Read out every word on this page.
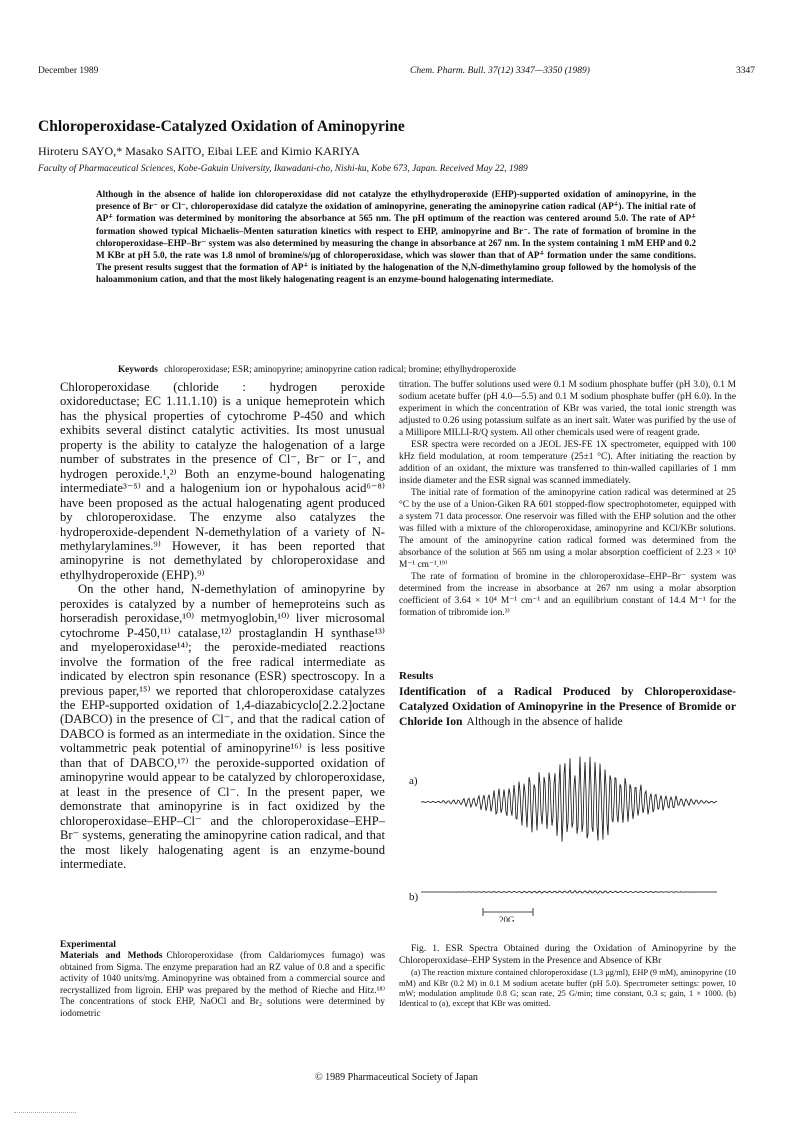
December 1989	Chem. Pharm. Bull. 37(12) 3347—3350 (1989)	3347
Chloroperoxidase-Catalyzed Oxidation of Aminopyrine
Hiroteru SAYO,* Masako SAITO, Eibai LEE and Kimio KARIYA
Faculty of Pharmaceutical Sciences, Kobe-Gakuin University, Ikawadani-cho, Nishi-ku, Kobe 673, Japan. Received May 22, 1989
Although in the absence of halide ion chloroperoxidase did not catalyze the ethylhydroperoxide (EHP)-supported oxidation of aminopyrine, in the presence of Br⁻ or Cl⁻, chloroperoxidase did catalyze the oxidation of aminopyrine, generating the aminopyrine cation radical (AP⁺̇). The initial rate of AP⁺̇ formation was determined by monitoring the absorbance at 565 nm. The pH optimum of the reaction was centered around 5.0. The rate of AP⁺̇ formation showed typical Michaelis–Menten saturation kinetics with respect to EHP, aminopyrine and Br⁻. The rate of formation of bromine in the chloroperoxidase–EHP–Br⁻ system was also determined by measuring the change in absorbance at 267 nm. In the system containing 1 mM EHP and 0.2 M KBr at pH 5.0, the rate was 1.8 nmol of bromine/s/μg of chloroperoxidase, which was slower than that of AP⁺̇ formation under the same conditions. The present results suggest that the formation of AP⁺̇ is initiated by the halogenation of the N,N-dimethylamino group followed by the homolysis of the haloammonium cation, and that the most likely halogenating reagent is an enzyme-bound halogenating intermediate.
Keywords chloroperoxidase; ESR; aminopyrine; aminopyrine cation radical; bromine; ethylhydroperoxide

Chloroperoxidase (chloride : hydrogen peroxide oxidoreductase; EC 1.11.1.10) is a unique hemeprotein which has the physical properties of cytochrome P-450 and which exhibits several distinct catalytic activities. Its most unusual property is the ability to catalyze the halogenation of a large number of substrates in the presence of Cl⁻, Br⁻ or I⁻, and hydrogen peroxide.¹,²⁾ Both an enzyme-bound halogenating intermediate³⁻⁵⁾ and a halogenium ion or hypohalous acid⁶⁻⁸⁾ have been proposed as the actual halogenating agent produced by chloroperoxidase. The enzyme also catalyzes the hydroperoxide-dependent N-demethylation of a variety of N-methylarylamines.⁹⁾ However, it has been reported that aminopyrine is not demethylated by chloroperoxidase and ethylhydroperoxide (EHP).⁹⁾

On the other hand, N-demethylation of aminopyrine by peroxides is catalyzed by a number of hemeproteins such as horseradish peroxidase,¹⁰⁾ metmyoglobin,¹⁰⁾ liver microsomal cytochrome P-450,¹¹⁾ catalase,¹²⁾ prostaglandin H synthase¹³⁾ and myeloperoxidase¹⁴⁾; the peroxide-mediated reactions involve the formation of the free radical intermediate as indicated by electron spin resonance (ESR) spectroscopy. In a previous paper,¹⁵⁾ we reported that chloroperoxidase catalyzes the EHP-supported oxidation of 1,4-diazabicyclo[2.2.2]octane (DABCO) in the presence of Cl⁻, and that the radical cation of DABCO is formed as an intermediate in the oxidation. Since the voltammetric peak potential of aminopyrine¹⁶⁾ is less positive than that of DABCO,¹⁷⁾ the peroxide-supported oxidation of aminopyrine would appear to be catalyzed by chloroperoxidase, at least in the presence of Cl⁻. In the present paper, we demonstrate that aminopyrine is in fact oxidized by the chloroperoxidase–EHP–Cl⁻ and the chloroperoxidase–EHP–Br⁻ systems, generating the aminopyrine cation radical, and that the most likely halogenating agent is an enzyme-bound intermediate.

Experimental
Materials and Methods Chloroperoxidase (from Caldariomyces fumago) was obtained from Sigma. The enzyme preparation had an RZ value of 0.8 and a specific activity of 1040 units/mg. Aminopyrine was obtained from a commercial source and recrystallized from ligroin. EHP was prepared by the method of Rieche and Hitz.¹⁸⁾ The concentrations of stock EHP, NaOCl and Br₂ solutions were determined by iodometric

titration. The buffer solutions used were 0.1 M sodium phosphate buffer (pH 3.0), 0.1 M sodium acetate buffer (pH 4.0—5.5) and 0.1 M sodium phosphate buffer (pH 6.0). In the experiment in which the concentration of KBr was varied, the total ionic strength was adjusted to 0.26 using potassium sulfate as an inert salt. Water was purified by the use of a Millipore MILLI-R/Q system. All other chemicals used were of reagent grade.

ESR spectra were recorded on a JEOL JES-FE 1X spectrometer, equipped with 100 kHz field modulation, at room temperature (25±1 °C). After initiating the reaction by addition of an oxidant, the mixture was transferred to thin-walled capillaries of 1 mm inside diameter and the ESR signal was scanned immediately.

The initial rate of formation of the aminopyrine cation radical was determined at 25 °C by the use of a Union-Giken RA 601 stopped-flow spectrophotometer, equipped with a system 71 data processor. One reservoir was filled with the EHP solution and the other was filled with a mixture of the chloroperoxidase, aminopyrine and KCl/KBr solutions. The amount of the aminopyrine cation radical formed was determined from the absorbance of the solution at 565 nm using a molar absorption coefficient of 2.23 × 10³ M⁻¹ cm⁻¹.¹⁹⁾

The rate of formation of bromine in the chloroperoxidase–EHP–Br⁻ system was determined from the increase in absorbance at 267 nm using a molar absorption coefficient of 3.64 × 10⁴ M⁻¹ cm⁻¹ and an equilibrium constant of 14.4 M⁻¹ for the formation of tribromide ion.³⁾

Results
Identification of a Radical Produced by Chloroperoxidase-Catalyzed Oxidation of Aminopyrine in the Presence of Bromide or Chloride Ion Although in the absence of halide
a)
b)
20G
Fig. 1. ESR Spectra Obtained during the Oxidation of Aminopyrine by the Chloroperoxidase–EHP System in the Presence and Absence of KBr
(a) The reaction mixture contained chloroperoxidase (1.3 μg/ml), EHP (9 mM), aminopyrine (10 mM) and KBr (0.2 M) in 0.1 M sodium acetate buffer (pH 5.0). Spectrometer settings: power, 10 mW; modulation amplitude 0.8 G; scan rate, 25 G/min; time constant, 0.3 s; gain, 1 × 1000. (b) Identical to (a), except that KBr was omitted.
© 1989 Pharmaceutical Society of Japan
